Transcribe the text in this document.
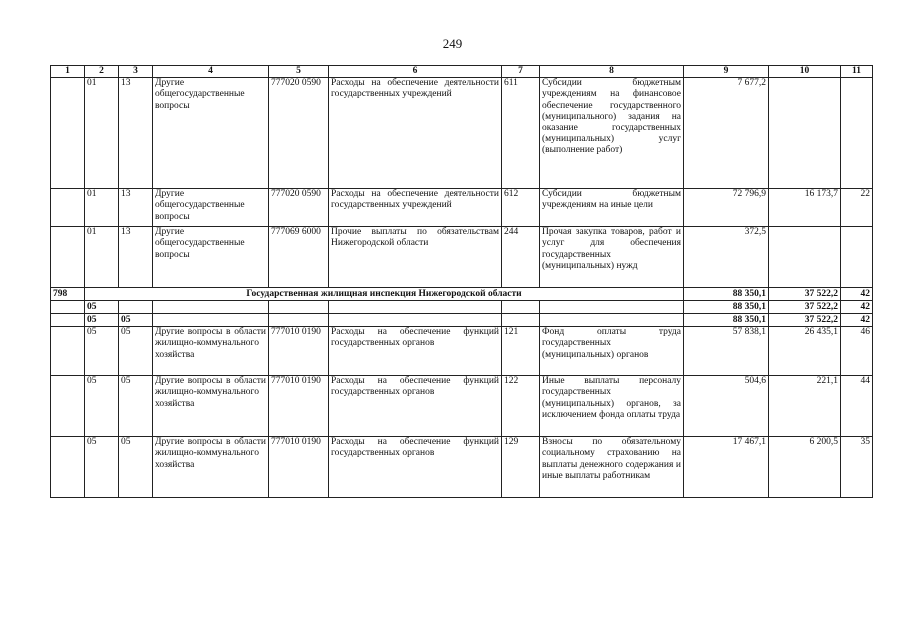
249
1	2	3	4	5	6	7	8	9	10	11
	01	13	Другие общегосударственные вопросы	777020 0590	Расходы на обеспечение деятельности государственных учреждений	611	Субсидии бюджетным учреждениям на финансовое обеспечение государственного (муниципального) задания на оказание государственных (муниципальных) услуг (выполнение работ)	7 677,2		
	01	13	Другие общегосударственные вопросы	777020 0590	Расходы на обеспечение деятельности государственных учреждений	612	Субсидии бюджетным учреждениям на иные цели	72 796,9	16 173,7	22
	01	13	Другие общегосударственные вопросы	777069 6000	Прочие выплаты по обязательствам Нижегородской области	244	Прочая закупка товаров, работ и услуг для обеспечения государственных (муниципальных) нужд	372,5		
798	Государственная жилищная инспекция Нижегородской области							88 350,1	37 522,2	42
	05							88 350,1	37 522,2	42
	05	05						88 350,1	37 522,2	42
	05	05	Другие вопросы в области жилищно-коммунального хозяйства	777010 0190	Расходы на обеспечение функций государственных органов	121	Фонд оплаты труда государственных (муниципальных) органов	57 838,1	26 435,1	46
	05	05	Другие вопросы в области жилищно-коммунального хозяйства	777010 0190	Расходы на обеспечение функций государственных органов	122	Иные выплаты персоналу государственных (муниципальных) органов, за исключением фонда оплаты труда	504,6	221,1	44
	05	05	Другие вопросы в области жилищно-коммунального хозяйства	777010 0190	Расходы на обеспечение функций государственных органов	129	Взносы по обязательному социальному страхованию на выплаты денежного содержания и иные выплаты работникам	17 467,1	6 200,5	35
